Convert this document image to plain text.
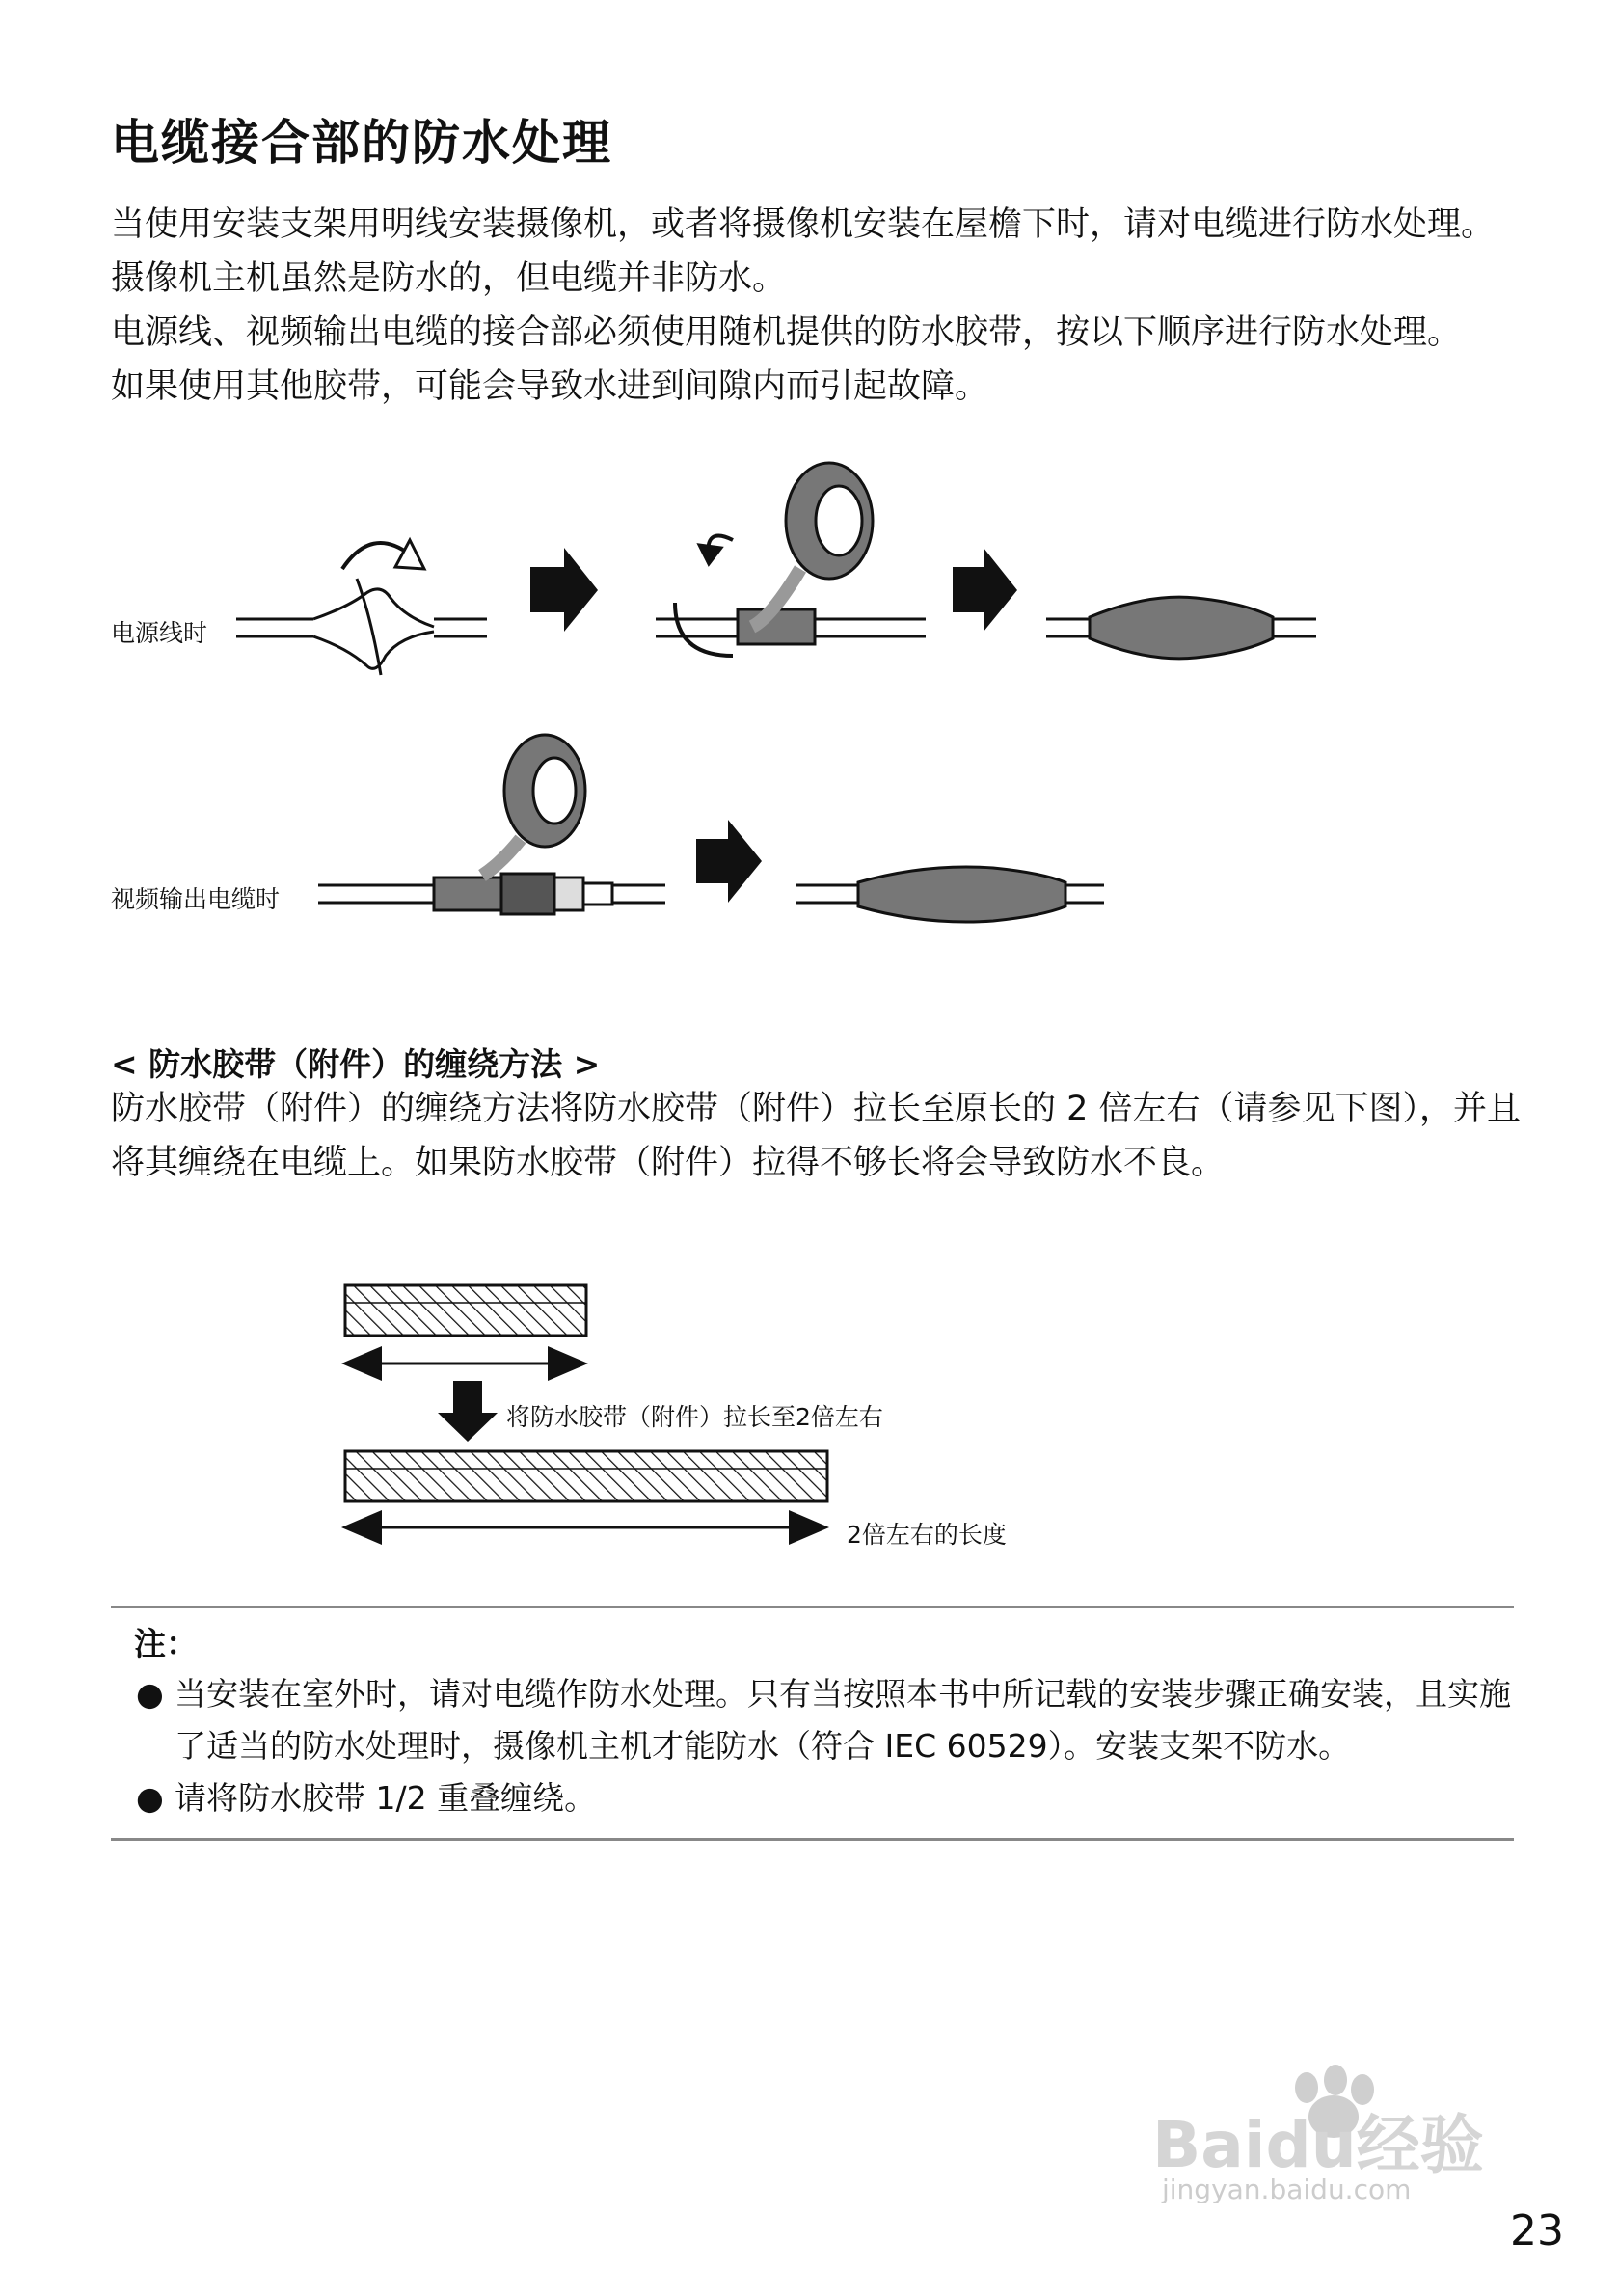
电缆接合部的防水处理
当使用安装支架用明线安装摄像机，或者将摄像机安装在屋檐下时，请对电缆进行防水处理。
摄像机主机虽然是防水的，但电缆并非防水。
电源线、视频输出电缆的接合部必须使用随机提供的防水胶带，按以下顺序进行防水处理。
如果使用其他胶带，可能会导致水进到间隙内而引起故障。
电源线时
视频输出电缆时
< 防水胶带（附件）的缠绕方法 >
防水胶带（附件）的缠绕方法将防水胶带（附件）拉长至原长的 2 倍左右（请参见下图），并且
将其缠绕在电缆上。如果防水胶带（附件）拉得不够长将会导致防水不良。
将防水胶带（附件）拉长至2倍左右
2倍左右的长度
注：
● 当安装在室外时，请对电缆作防水处理。只有当按照本书中所记载的安装步骤正确安装，且实施了适当的防水处理时，摄像机主机才能防水（符合 IEC 60529）。安装支架不防水。
● 请将防水胶带 1/2 重叠缠绕。
Baidu经验
jingyan.baidu.com
23
